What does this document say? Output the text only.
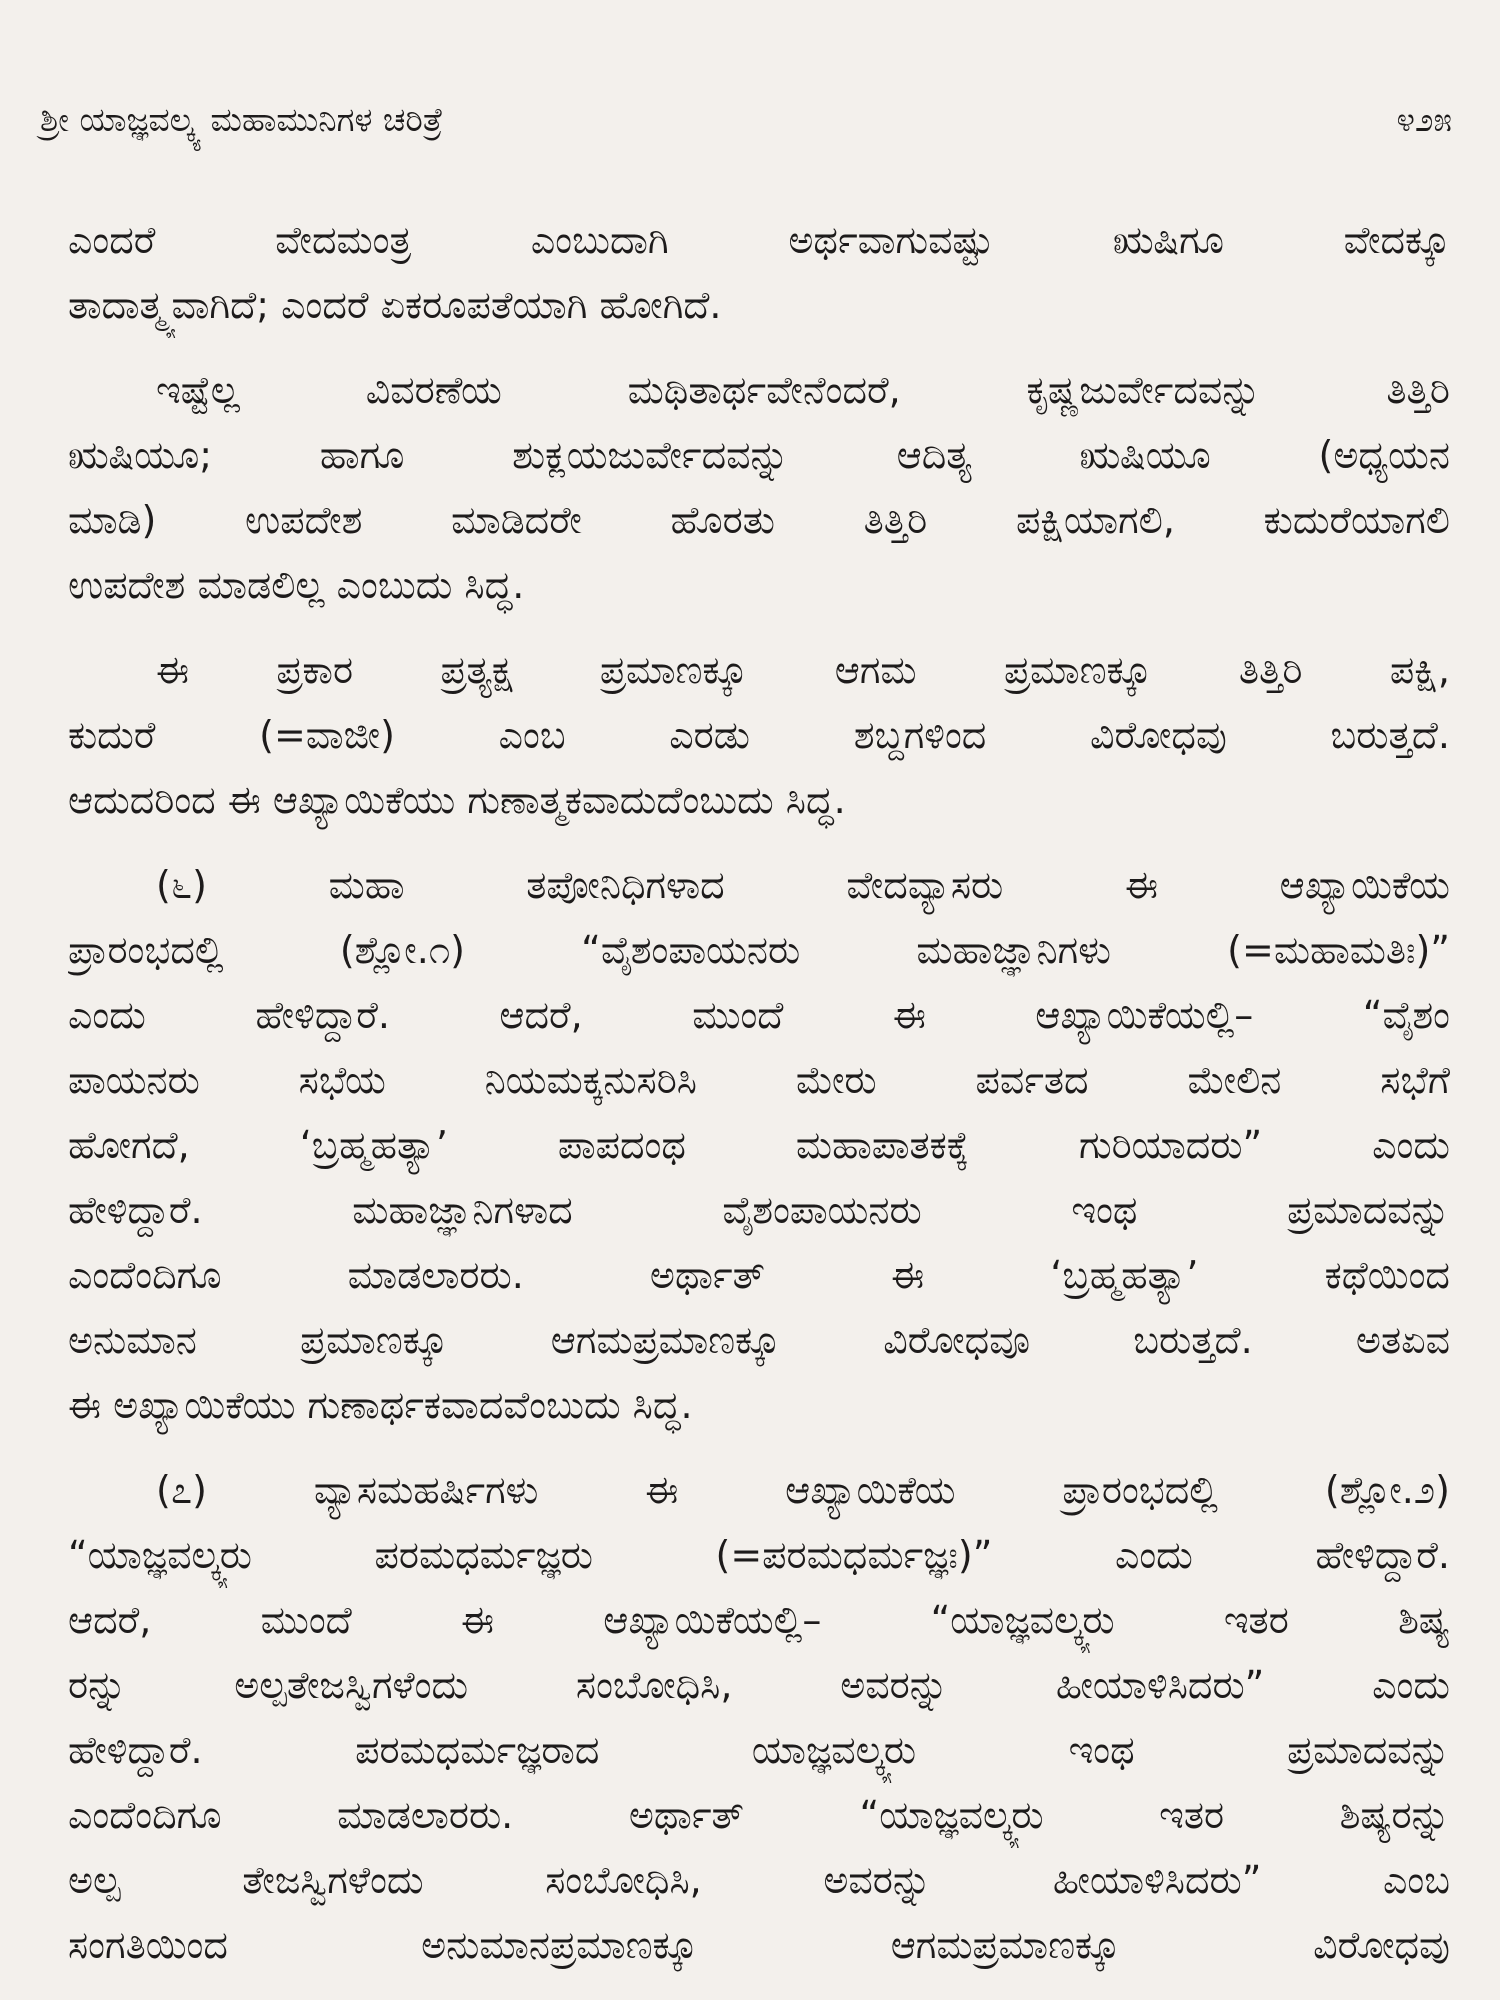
ಶ್ರೀ ಯಾಜ್ಞವಲ್ಕ್ಯ ಮಹಾಮುನಿಗಳ ಚರಿತ್ರೆ	೪೨೫
ಎಂದರೆ ವೇದಮಂತ್ರ ಎಂಬುದಾಗಿ ಅರ್ಥವಾಗುವಷ್ಟು ಋಷಿಗೂ ವೇದಕ್ಕೂ
ತಾದಾತ್ಮ್ಯವಾಗಿದೆ; ಎಂದರೆ ಏಕರೂಪತೆಯಾಗಿ ಹೋಗಿದೆ.
ಇಷ್ಟೆಲ್ಲ ವಿವರಣೆಯ ಮಥಿತಾರ್ಥವೇನೆಂದರೆ, ಕೃಷ್ಣಜುರ್ವೇದವನ್ನು ತಿತ್ತಿರಿ
ಋಷಿಯೂ; ಹಾಗೂ ಶುಕ್ಲಯಜುರ್ವೇದವನ್ನು ಆದಿತ್ಯ ಋಷಿಯೂ (ಅಧ್ಯಯನ
ಮಾಡಿ) ಉಪದೇಶ ಮಾಡಿದರೇ ಹೊರತು ತಿತ್ತಿರಿ ಪಕ್ಷಿಯಾಗಲಿ, ಕುದುರೆಯಾಗಲಿ
ಉಪದೇಶ ಮಾಡಲಿಲ್ಲ ಎಂಬುದು ಸಿದ್ಧ.
ಈ ಪ್ರಕಾರ ಪ್ರತ್ಯಕ್ಷ ಪ್ರಮಾಣಕ್ಕೂ ಆಗಮ ಪ್ರಮಾಣಕ್ಕೂ ತಿತ್ತಿರಿ ಪಕ್ಷಿ,
ಕುದುರೆ (=ವಾಜೀ) ಎಂಬ ಎರಡು ಶಬ್ದಗಳಿಂದ ವಿರೋಧವು ಬರುತ್ತದೆ.
ಆದುದರಿಂದ ಈ ಆಖ್ಯಾಯಿಕೆಯು ಗುಣಾತ್ಮಕವಾದುದೆಂಬುದು ಸಿದ್ಧ.
(೬) ಮಹಾ ತಪೋನಿಧಿಗಳಾದ ವೇದವ್ಯಾಸರು ಈ ಆಖ್ಯಾಯಿಕೆಯ
ಪ್ರಾರಂಭದಲ್ಲಿ (ಶ್ಲೋ.೧) “ವೈಶಂಪಾಯನರು ಮಹಾಜ್ಞಾನಿಗಳು (=ಮಹಾಮತಿಃ)”
ಎಂದು ಹೇಳಿದ್ದಾರೆ. ಆದರೆ, ಮುಂದೆ ಈ ಆಖ್ಯಾಯಿಕೆಯಲ್ಲಿ– “ವೈಶಂ
ಪಾಯನರು ಸಭೆಯ ನಿಯಮಕ್ಕನುಸರಿಸಿ ಮೇರು ಪರ್ವತದ ಮೇಲಿನ ಸಭೆಗೆ
ಹೋಗದೆ, ‘ಬ್ರಹ್ಮಹತ್ಯಾ’ ಪಾಪದಂಥ ಮಹಾಪಾತಕಕ್ಕೆ ಗುರಿಯಾದರು” ಎಂದು
ಹೇಳಿದ್ದಾರೆ. ಮಹಾಜ್ಞಾನಿಗಳಾದ ವೈಶಂಪಾಯನರು ಇಂಥ ಪ್ರಮಾದವನ್ನು
ಎಂದೆಂದಿಗೂ ಮಾಡಲಾರರು. ಅರ್ಥಾತ್ ಈ ‘ಬ್ರಹ್ಮಹತ್ಯಾ’ ಕಥೆಯಿಂದ
ಅನುಮಾನ ಪ್ರಮಾಣಕ್ಕೂ ಆಗಮಪ್ರಮಾಣಕ್ಕೂ ವಿರೋಧವೂ ಬರುತ್ತದೆ. ಅತಏವ
ಈ ಅಖ್ಯಾಯಿಕೆಯು ಗುಣಾರ್ಥಕವಾದವೆಂಬುದು ಸಿದ್ಧ.
(೭) ವ್ಯಾಸಮಹರ್ಷಿಗಳು ಈ ಆಖ್ಯಾಯಿಕೆಯ ಪ್ರಾರಂಭದಲ್ಲಿ (ಶ್ಲೋ.೨)
“ಯಾಜ್ಞವಲ್ಕ್ಯರು ಪರಮಧರ್ಮಜ್ಞರು (=ಪರಮಧರ್ಮಜ್ಞಃ)” ಎಂದು ಹೇಳಿದ್ದಾರೆ.
ಆದರೆ, ಮುಂದೆ ಈ ಆಖ್ಯಾಯಿಕೆಯಲ್ಲಿ– “ಯಾಜ್ಞವಲ್ಕ್ಯರು ಇತರ ಶಿಷ್ಯ
ರನ್ನು ಅಲ್ಪತೇಜಸ್ವಿಗಳೆಂದು ಸಂಬೋಧಿಸಿ, ಅವರನ್ನು ಹೀಯಾಳಿಸಿದರು” ಎಂದು
ಹೇಳಿದ್ದಾರೆ. ಪರಮಧರ್ಮಜ್ಞರಾದ ಯಾಜ್ಞವಲ್ಕ್ಯರು ಇಂಥ ಪ್ರಮಾದವನ್ನು
ಎಂದೆಂದಿಗೂ ಮಾಡಲಾರರು. ಅರ್ಥಾತ್ “ಯಾಜ್ಞವಲ್ಕ್ಯರು ಇತರ ಶಿಷ್ಯರನ್ನು
ಅಲ್ಪ ತೇಜಸ್ವಿಗಳೆಂದು ಸಂಬೋಧಿಸಿ, ಅವರನ್ನು ಹೀಯಾಳಿಸಿದರು” ಎಂಬ
ಸಂಗತಿಯಿಂದ ಅನುಮಾನಪ್ರಮಾಣಕ್ಕೂ ಆಗಮಪ್ರಮಾಣಕ್ಕೂ ವಿರೋಧವು
